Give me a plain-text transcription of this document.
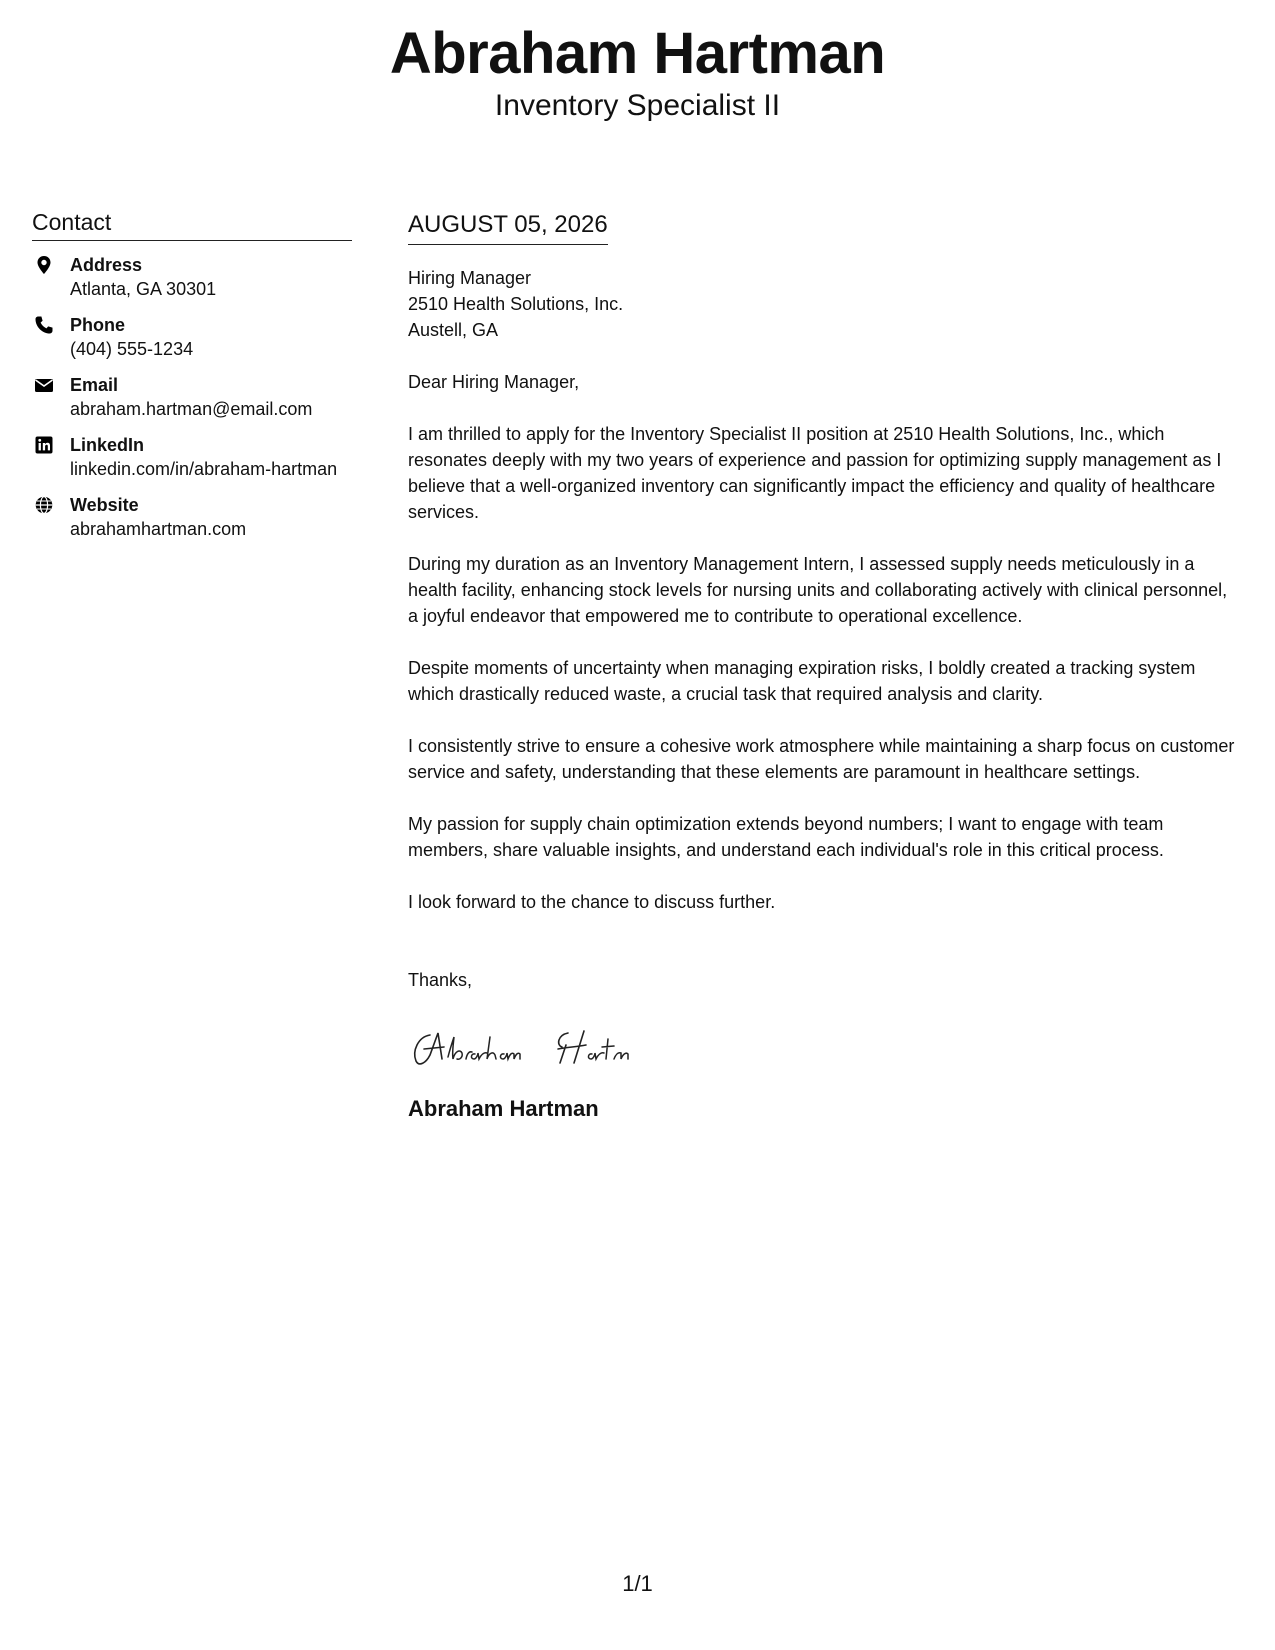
Abraham Hartman
Inventory Specialist II
Contact
Address
Atlanta, GA 30301
Phone
(404) 555-1234
Email
abraham.hartman@email.com
LinkedIn
linkedin.com/in/abraham-hartman
Website
abrahamhartman.com
AUGUST 05, 2026
Hiring Manager
2510 Health Solutions, Inc.
Austell, GA
Dear Hiring Manager,
I am thrilled to apply for the Inventory Specialist II position at 2510 Health Solutions, Inc., which resonates deeply with my two years of experience and passion for optimizing supply management as I believe that a well-organized inventory can significantly impact the efficiency and quality of healthcare services.
During my duration as an Inventory Management Intern, I assessed supply needs meticulously in a health facility, enhancing stock levels for nursing units and collaborating actively with clinical personnel, a joyful endeavor that empowered me to contribute to operational excellence.
Despite moments of uncertainty when managing expiration risks, I boldly created a tracking system which drastically reduced waste, a crucial task that required analysis and clarity.
I consistently strive to ensure a cohesive work atmosphere while maintaining a sharp focus on customer service and safety, understanding that these elements are paramount in healthcare settings.
My passion for supply chain optimization extends beyond numbers; I want to engage with team members, share valuable insights, and understand each individual's role in this critical process.
I look forward to the chance to discuss further.
Thanks,
Abraham Hartman
1/1
